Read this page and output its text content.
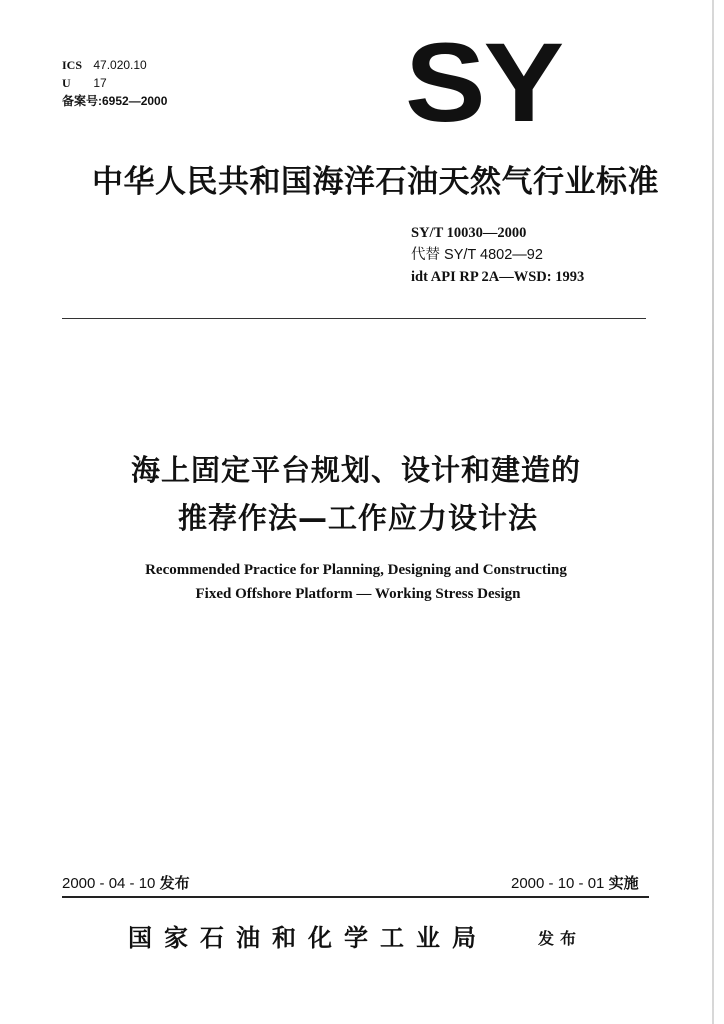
ICS 47.020.10
U 17
备案号:6952—2000 SY
中华人民共和国海洋石油天然气行业标准
SY/T 10030—2000
代替 SY/T 4802—92
idt API RP 2A—WSD: 1993
海上固定平台规划、设计和建造的
推荐作法—工作应力设计法
Recommended Practice for Planning, Designing and Constructing
Fixed Offshore Platform — Working Stress Design
2000 - 04 - 10 发布	2000 - 10 - 01 实施
国家石油和化学工业局	发布
